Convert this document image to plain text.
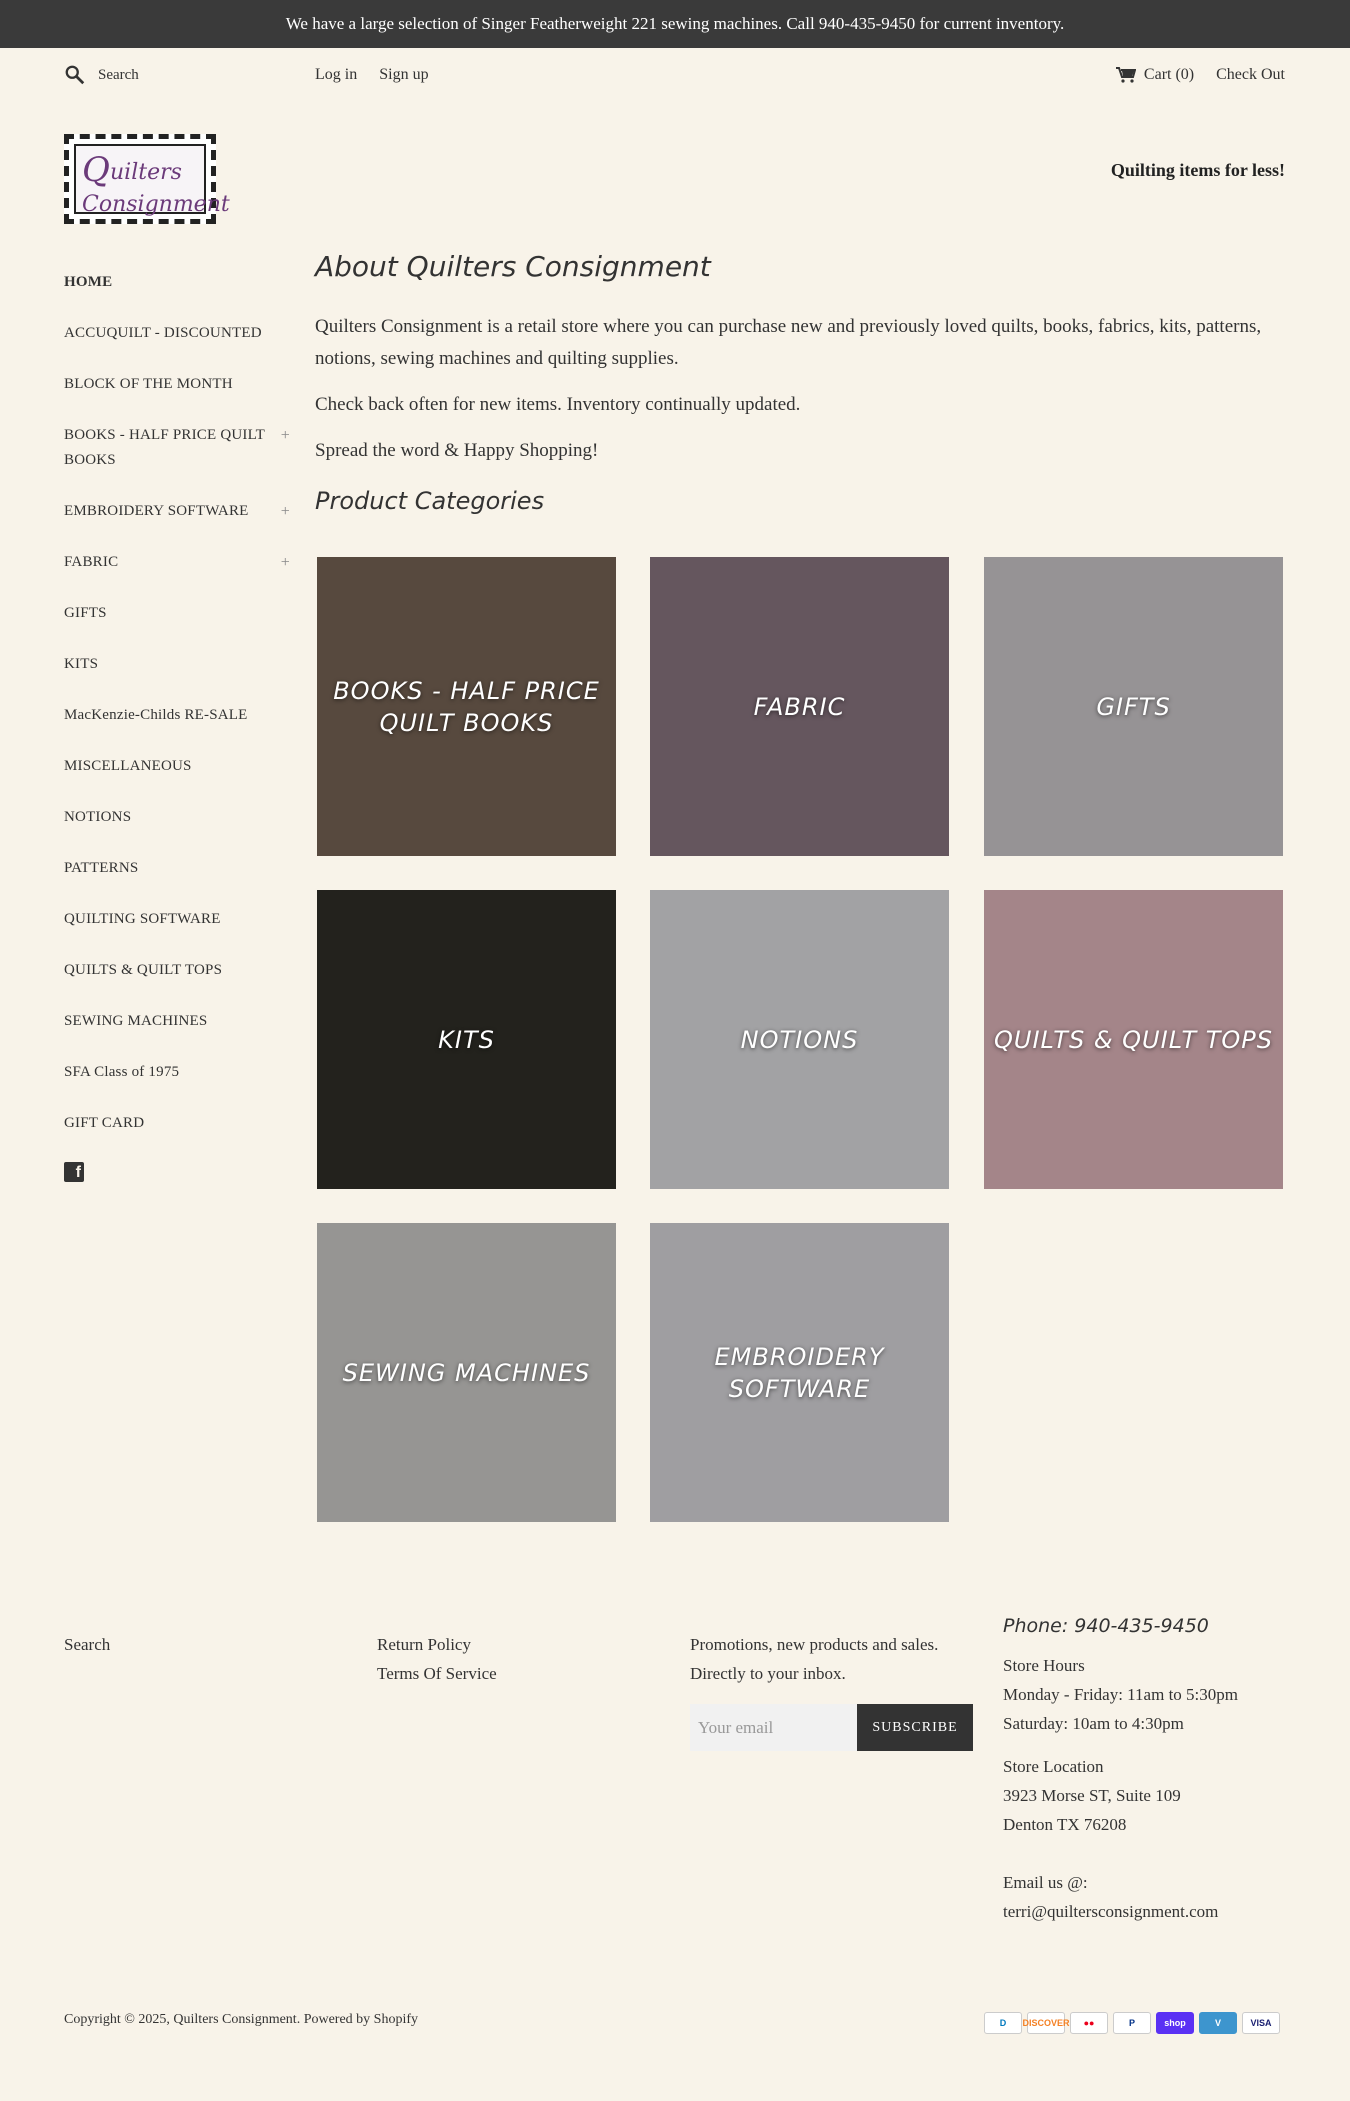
We have a large selection of Singer Featherweight 221 sewing machines. Call 940-435-9450 for current inventory.
Search
Log in Sign up	Cart (0) Check Out
Q uilters
Consignment
Quilting items for less!
HOME
ACCUQUILT - DISCOUNTED
BLOCK OF THE MONTH
BOOKS - HALF PRICE QUILT BOOKS
+
EMBROIDERY SOFTWARE +
FABRIC	+
GIFTS
KITS
MacKenzie-Childs RE-SALE
MISCELLANEOUS
NOTIONS
PATTERNS
QUILTING SOFTWARE
QUILTS & QUILT TOPS
SEWING MACHINES
SFA Class of 1975
GIFT CARD
f
About Quilters Consignment

Quilters Consignment is a retail store where you can purchase new and previously loved quilts, books, fabrics, kits, patterns, notions, sewing machines and quilting supplies.

Check back often for new items. Inventory continually updated.

Spread the word & Happy Shopping!

Product Categories
BOOKS - HALF PRICE QUILT BOOKS
FABRIC	GIFTS
KITS	NOTIONS	QUILTS & QUILT TOPS
SEWING MACHINES
EMBROIDERY SOFTWARE
Search	Return Policy
Terms Of Service
Promotions, new products and sales. Directly to your inbox.
Your email
SUBSCRIBE
Phone: 940-435-9450
Store Hours
Monday - Friday: 11am to 5:30pm
Saturday: 10am to 4:30pm
Store Location
3923 Morse ST, Suite 109
Denton TX 76208
Email us @:
terri@quiltersconsignment.com
Copyright © 2025, Quilters Consignment. Powered by Shopify	D	DISCOVER	●●	P	shop	V	VISA
